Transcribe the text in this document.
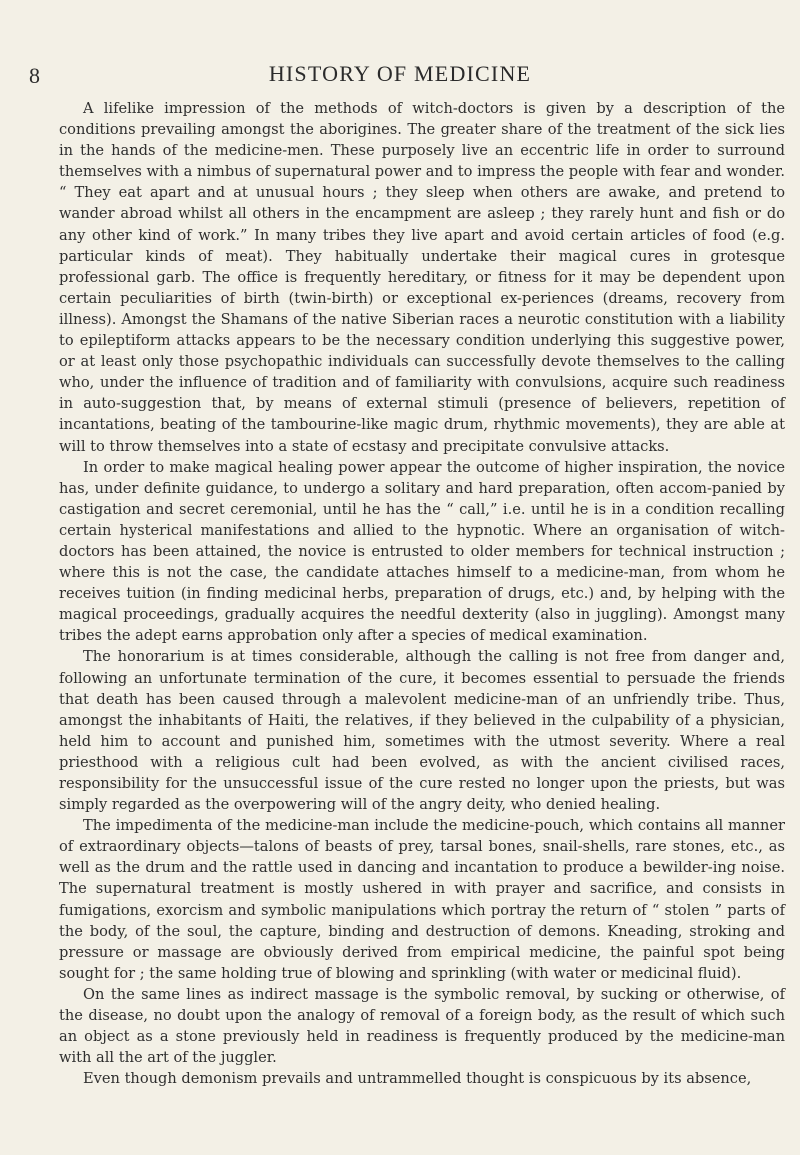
8	HISTORY OF MEDICINE

A lifelike impression of the methods of witch-doctors is given by a description of the conditions prevailing amongst the aborigines. The greater share of the treatment of the sick lies in the hands of the medicine-men. These purposely live an eccentric life in order to surround themselves with a nimbus of supernatural power and to impress the people with fear and wonder. “ They eat apart and at unusual hours ; they sleep when others are awake, and pretend to wander abroad whilst all others in the encampment are asleep ; they rarely hunt and fish or do any other kind of work.” In many tribes they live apart and avoid certain articles of food (e.g. particular kinds of meat). They habitually undertake their magical cures in grotesque professional garb. The office is frequently hereditary, or fitness for it may be dependent upon certain peculiarities of birth (twin-birth) or exceptional ex-periences (dreams, recovery from illness). Amongst the Shamans of the native Siberian races a neurotic constitution with a liability to epileptiform attacks appears to be the necessary condition underlying this suggestive power, or at least only those psychopathic individuals can successfully devote themselves to the calling who, under the influence of tradition and of familiarity with convulsions, acquire such readiness in auto-suggestion that, by means of external stimuli (presence of believers, repetition of incantations, beating of the tambourine-like magic drum, rhythmic movements), they are able at will to throw themselves into a state of ecstasy and precipitate convulsive attacks.

In order to make magical healing power appear the outcome of higher inspiration, the novice has, under definite guidance, to undergo a solitary and hard preparation, often accom-panied by castigation and secret ceremonial, until he has the “ call,” i.e. until he is in a condition recalling certain hysterical manifestations and allied to the hypnotic. Where an organisation of witch-doctors has been attained, the novice is entrusted to older members for technical instruction ; where this is not the case, the candidate attaches himself to a medicine-man, from whom he receives tuition (in finding medicinal herbs, preparation of drugs, etc.) and, by helping with the magical proceedings, gradually acquires the needful dexterity (also in juggling). Amongst many tribes the adept earns approbation only after a species of medical examination.

The honorarium is at times considerable, although the calling is not free from danger and, following an unfortunate termination of the cure, it becomes essential to persuade the friends that death has been caused through a malevolent medicine-man of an unfriendly tribe. Thus, amongst the inhabitants of Haiti, the relatives, if they believed in the culpability of a physician, held him to account and punished him, sometimes with the utmost severity. Where a real priesthood with a religious cult had been evolved, as with the ancient civilised races, responsibility for the unsuccessful issue of the cure rested no longer upon the priests, but was simply regarded as the overpowering will of the angry deity, who denied healing.

The impedimenta of the medicine-man include the medicine-pouch, which contains all manner of extraordinary objects—talons of beasts of prey, tarsal bones, snail-shells, rare stones, etc., as well as the drum and the rattle used in dancing and incantation to produce a bewilder-ing noise. The supernatural treatment is mostly ushered in with prayer and sacrifice, and consists in fumigations, exorcism and symbolic manipulations which portray the return of “ stolen ” parts of the body, of the soul, the capture, binding and destruction of demons. Kneading, stroking and pressure or massage are obviously derived from empirical medicine, the painful spot being sought for ; the same holding true of blowing and sprinkling (with water or medicinal fluid).

On the same lines as indirect massage is the symbolic removal, by sucking or otherwise, of the disease, no doubt upon the analogy of removal of a foreign body, as the result of which such an object as a stone previously held in readiness is frequently produced by the medicine-man with all the art of the juggler.

Even though demonism prevails and untrammelled thought is conspicuous by its absence,
